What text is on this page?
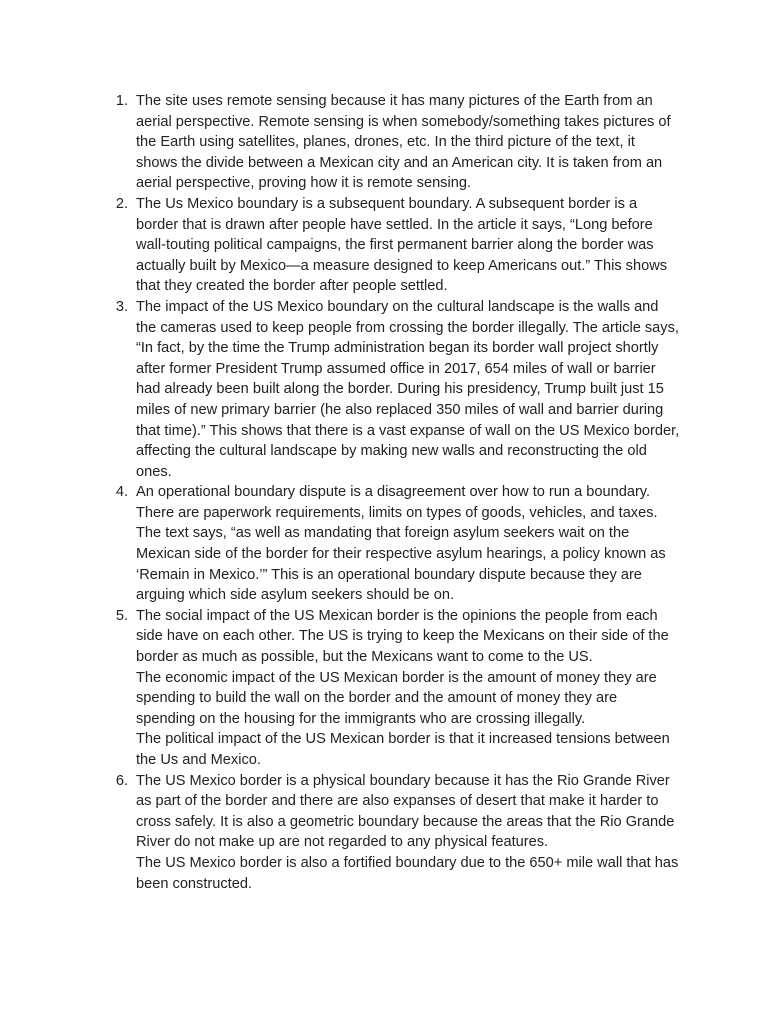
1. The site uses remote sensing because it has many pictures of the Earth from an aerial perspective. Remote sensing is when somebody/something takes pictures of the Earth using satellites, planes, drones, etc. In the third picture of the text, it shows the divide between a Mexican city and an American city. It is taken from an aerial perspective, proving how it is remote sensing.
2. The Us Mexico boundary is a subsequent boundary. A subsequent border is a border that is drawn after people have settled. In the article it says, “Long before wall-touting political campaigns, the first permanent barrier along the border was actually built by Mexico—a measure designed to keep Americans out.” This shows that they created the border after people settled.
3. The impact of the US Mexico boundary on the cultural landscape is the walls and the cameras used to keep people from crossing the border illegally. The article says, “In fact, by the time the Trump administration began its border wall project shortly after former President Trump assumed office in 2017, 654 miles of wall or barrier had already been built along the border. During his presidency, Trump built just 15 miles of new primary barrier (he also replaced 350 miles of wall and barrier during that time).” This shows that there is a vast expanse of wall on the US Mexico border, affecting the cultural landscape by making new walls and reconstructing the old ones.
4. An operational boundary dispute is a disagreement over how to run a boundary. There are paperwork requirements, limits on types of goods, vehicles, and taxes. The text says, “as well as mandating that foreign asylum seekers wait on the Mexican side of the border for their respective asylum hearings, a policy known as ‘Remain in Mexico.’” This is an operational boundary dispute because they are arguing which side asylum seekers should be on.
5. The social impact of the US Mexican border is the opinions the people from each side have on each other. The US is trying to keep the Mexicans on their side of the border as much as possible, but the Mexicans want to come to the US.
The economic impact of the US Mexican border is the amount of money they are spending to build the wall on the border and the amount of money they are spending on the housing for the immigrants who are crossing illegally.
The political impact of the US Mexican border is that it increased tensions between the Us and Mexico.
6. The US Mexico border is a physical boundary because it has the Rio Grande River as part of the border and there are also expanses of desert that make it harder to cross safely. It is also a geometric boundary because the areas that the Rio Grande River do not make up are not regarded to any physical features.
The US Mexico border is also a fortified boundary due to the 650+ mile wall that has been constructed.
